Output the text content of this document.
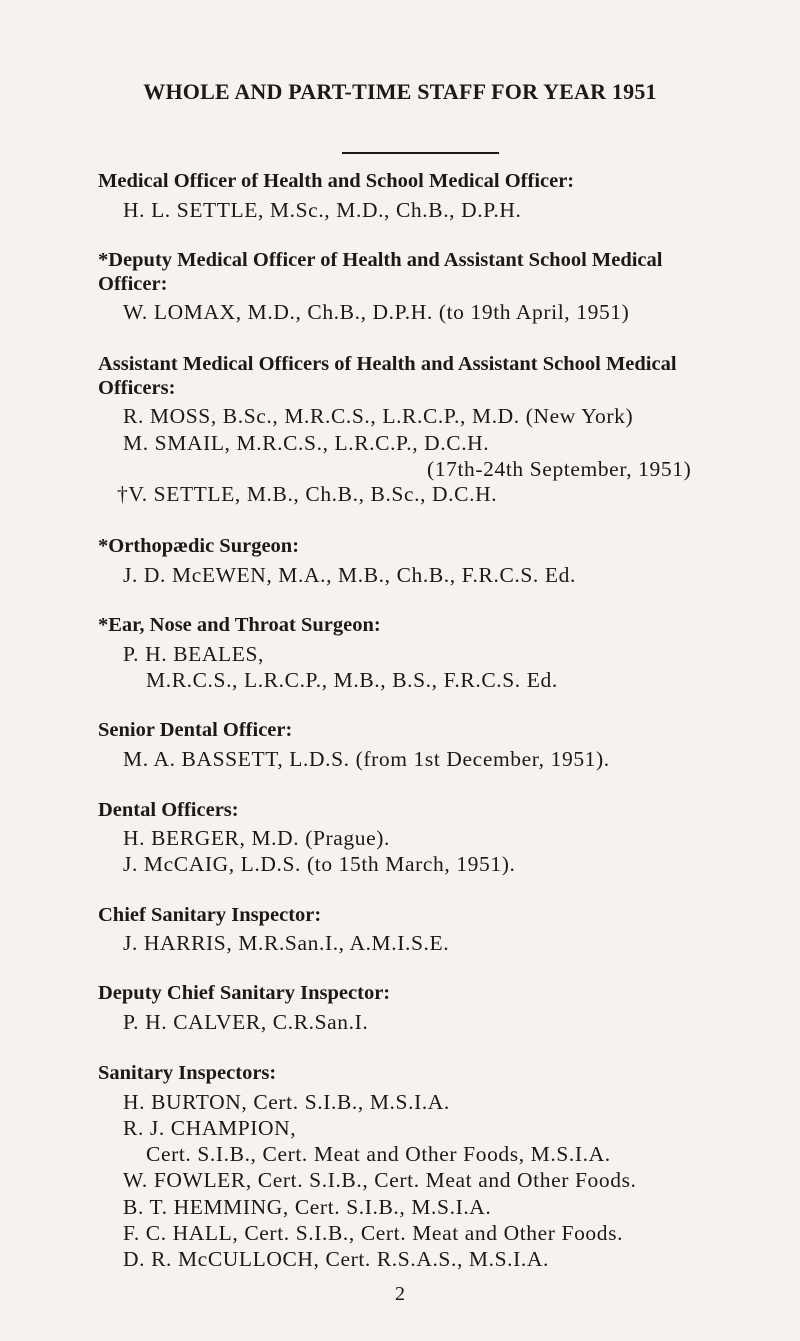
WHOLE AND PART-TIME STAFF FOR YEAR 1951
Medical Officer of Health and School Medical Officer:
H. L. SETTLE, M.Sc., M.D., Ch.B., D.P.H.
*Deputy Medical Officer of Health and Assistant School Medical
Officer:
W. LOMAX, M.D., Ch.B., D.P.H. (to 19th April, 1951)
Assistant Medical Officers of Health and Assistant School Medical
Officers:
R. MOSS, B.Sc., M.R.C.S., L.R.C.P., M.D. (New York)
M. SMAIL, M.R.C.S., L.R.C.P., D.C.H.
(17th-24th September, 1951)
†V. SETTLE, M.B., Ch.B., B.Sc., D.C.H.
*Orthopædic Surgeon:
J. D. McEWEN, M.A., M.B., Ch.B., F.R.C.S. Ed.
*Ear, Nose and Throat Surgeon:
P. H. BEALES,
M.R.C.S., L.R.C.P., M.B., B.S., F.R.C.S. Ed.
Senior Dental Officer:
M. A. BASSETT, L.D.S. (from 1st December, 1951).
Dental Officers:
H. BERGER, M.D. (Prague).
J. McCAIG, L.D.S. (to 15th March, 1951).
Chief Sanitary Inspector:
J. HARRIS, M.R.San.I., A.M.I.S.E.
Deputy Chief Sanitary Inspector:
P. H. CALVER, C.R.San.I.
Sanitary Inspectors:
H. BURTON, Cert. S.I.B., M.S.I.A.
R. J. CHAMPION,
Cert. S.I.B., Cert. Meat and Other Foods, M.S.I.A.
W. FOWLER, Cert. S.I.B., Cert. Meat and Other Foods.
B. T. HEMMING, Cert. S.I.B., M.S.I.A.
F. C. HALL, Cert. S.I.B., Cert. Meat and Other Foods.
D. R. McCULLOCH, Cert. R.S.A.S., M.S.I.A.
2
